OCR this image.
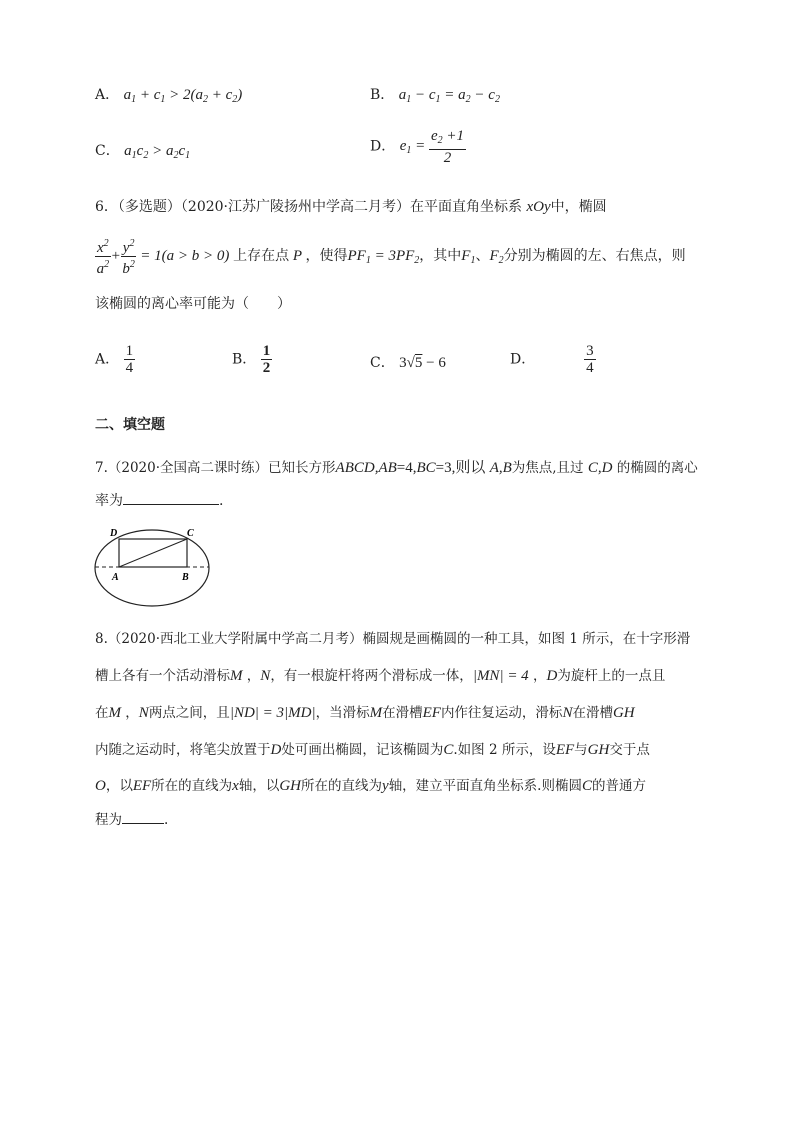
A． $a_1 + c_1 > 2(a_2 + c_2)$	B． $a_1 - c_1 = a_2 - c_2$
C． $a_1c_2 > a_2c_1$
D． $e_1 = \frac{e_2 +1}{2}$
6．（多选题）（2020·江苏广陵扬州中学高二月考）在平面直角坐标系 xOy中，椭圆
$\frac{x^2}{a^2} + \frac{y^2}{b^2} = 1(a > b > 0)$ 上存在点 P ，使得$PF_1 = 3PF_2$，其中$F_1$、$F_2$分别为椭圆的左、右焦点，则
该椭圆的离心率可能为（　　）
A． $\frac{1}{4}$	B． $\frac{1}{2}$	C． 3√5 − 6	D．	$\frac{3}{4}$
二、填空题
7.（2020·全国高二课时练）已知长方形ABCD,AB=4,BC=3,则以 A,B为焦点,且过 C,D 的椭圆的离心
率为	.
D	C
A	B
8.（2020·西北工业大学附属中学高二月考）椭圆规是画椭圆的一种工具，如图 1 所示，在十字形滑
槽上各有一个活动滑标M ，N，有一根旋杆将两个滑标成一体，|MN| = 4 ，D为旋杆上的一点且
在M ，N两点之间，且|ND| = 3|MD|，当滑标M在滑槽EF内作往复运动，滑标N在滑槽GH
内随之运动时，将笔尖放置于D处可画出椭圆，记该椭圆为C.如图 2 所示，设EF与GH交于点
O，以EF所在的直线为x轴，以GH所在的直线为y轴，建立平面直角坐标系.则椭圆C的普通方
程为	.
